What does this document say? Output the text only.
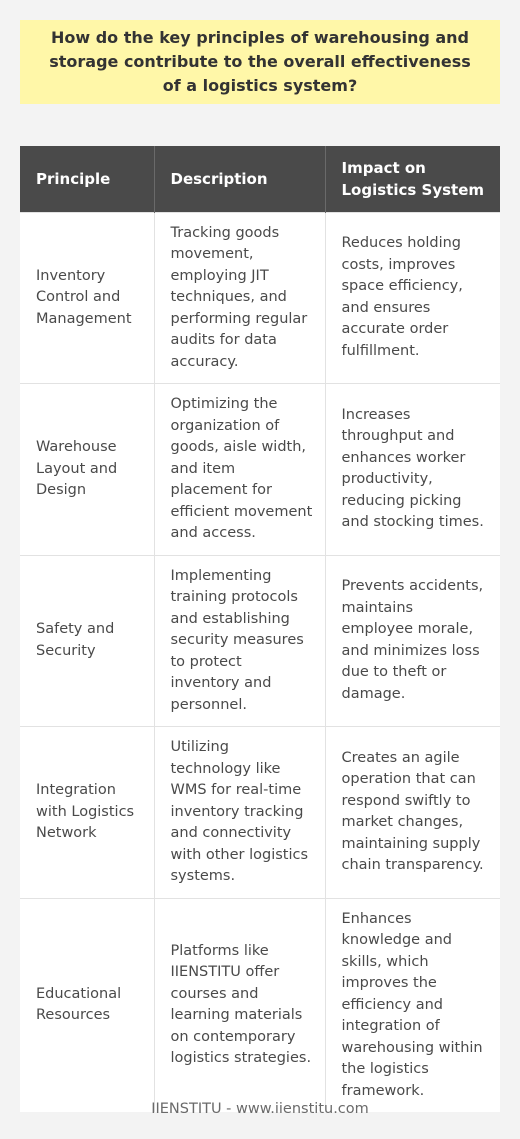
How do the key principles of warehousing and storage contribute to the overall effectiveness of a logistics system?
Principle	Description	Impact on Logistics System
Inventory Control and Management	Tracking goods movement, employing JIT techniques, and performing regular audits for data accuracy.	Reduces holding costs, improves space efficiency, and ensures accurate order fulfillment.
Warehouse Layout and Design	Optimizing the organization of goods, aisle width, and item placement for efficient movement and access.	Increases throughput and enhances worker productivity, reducing picking and stocking times.
Safety and Security	Implementing training protocols and establishing security measures to protect inventory and personnel.	Prevents accidents, maintains employee morale, and minimizes loss due to theft or damage.
Integration with Logistics Network	Utilizing technology like WMS for real-time inventory tracking and connectivity with other logistics systems.	Creates an agile operation that can respond swiftly to market changes, maintaining supply chain transparency.
Educational Resources	Platforms like IIENSTITU offer courses and learning materials on contemporary logistics strategies.	Enhances knowledge and skills, which improves the efficiency and integration of warehousing within the logistics framework.
IIENSTITU - www.iienstitu.com
